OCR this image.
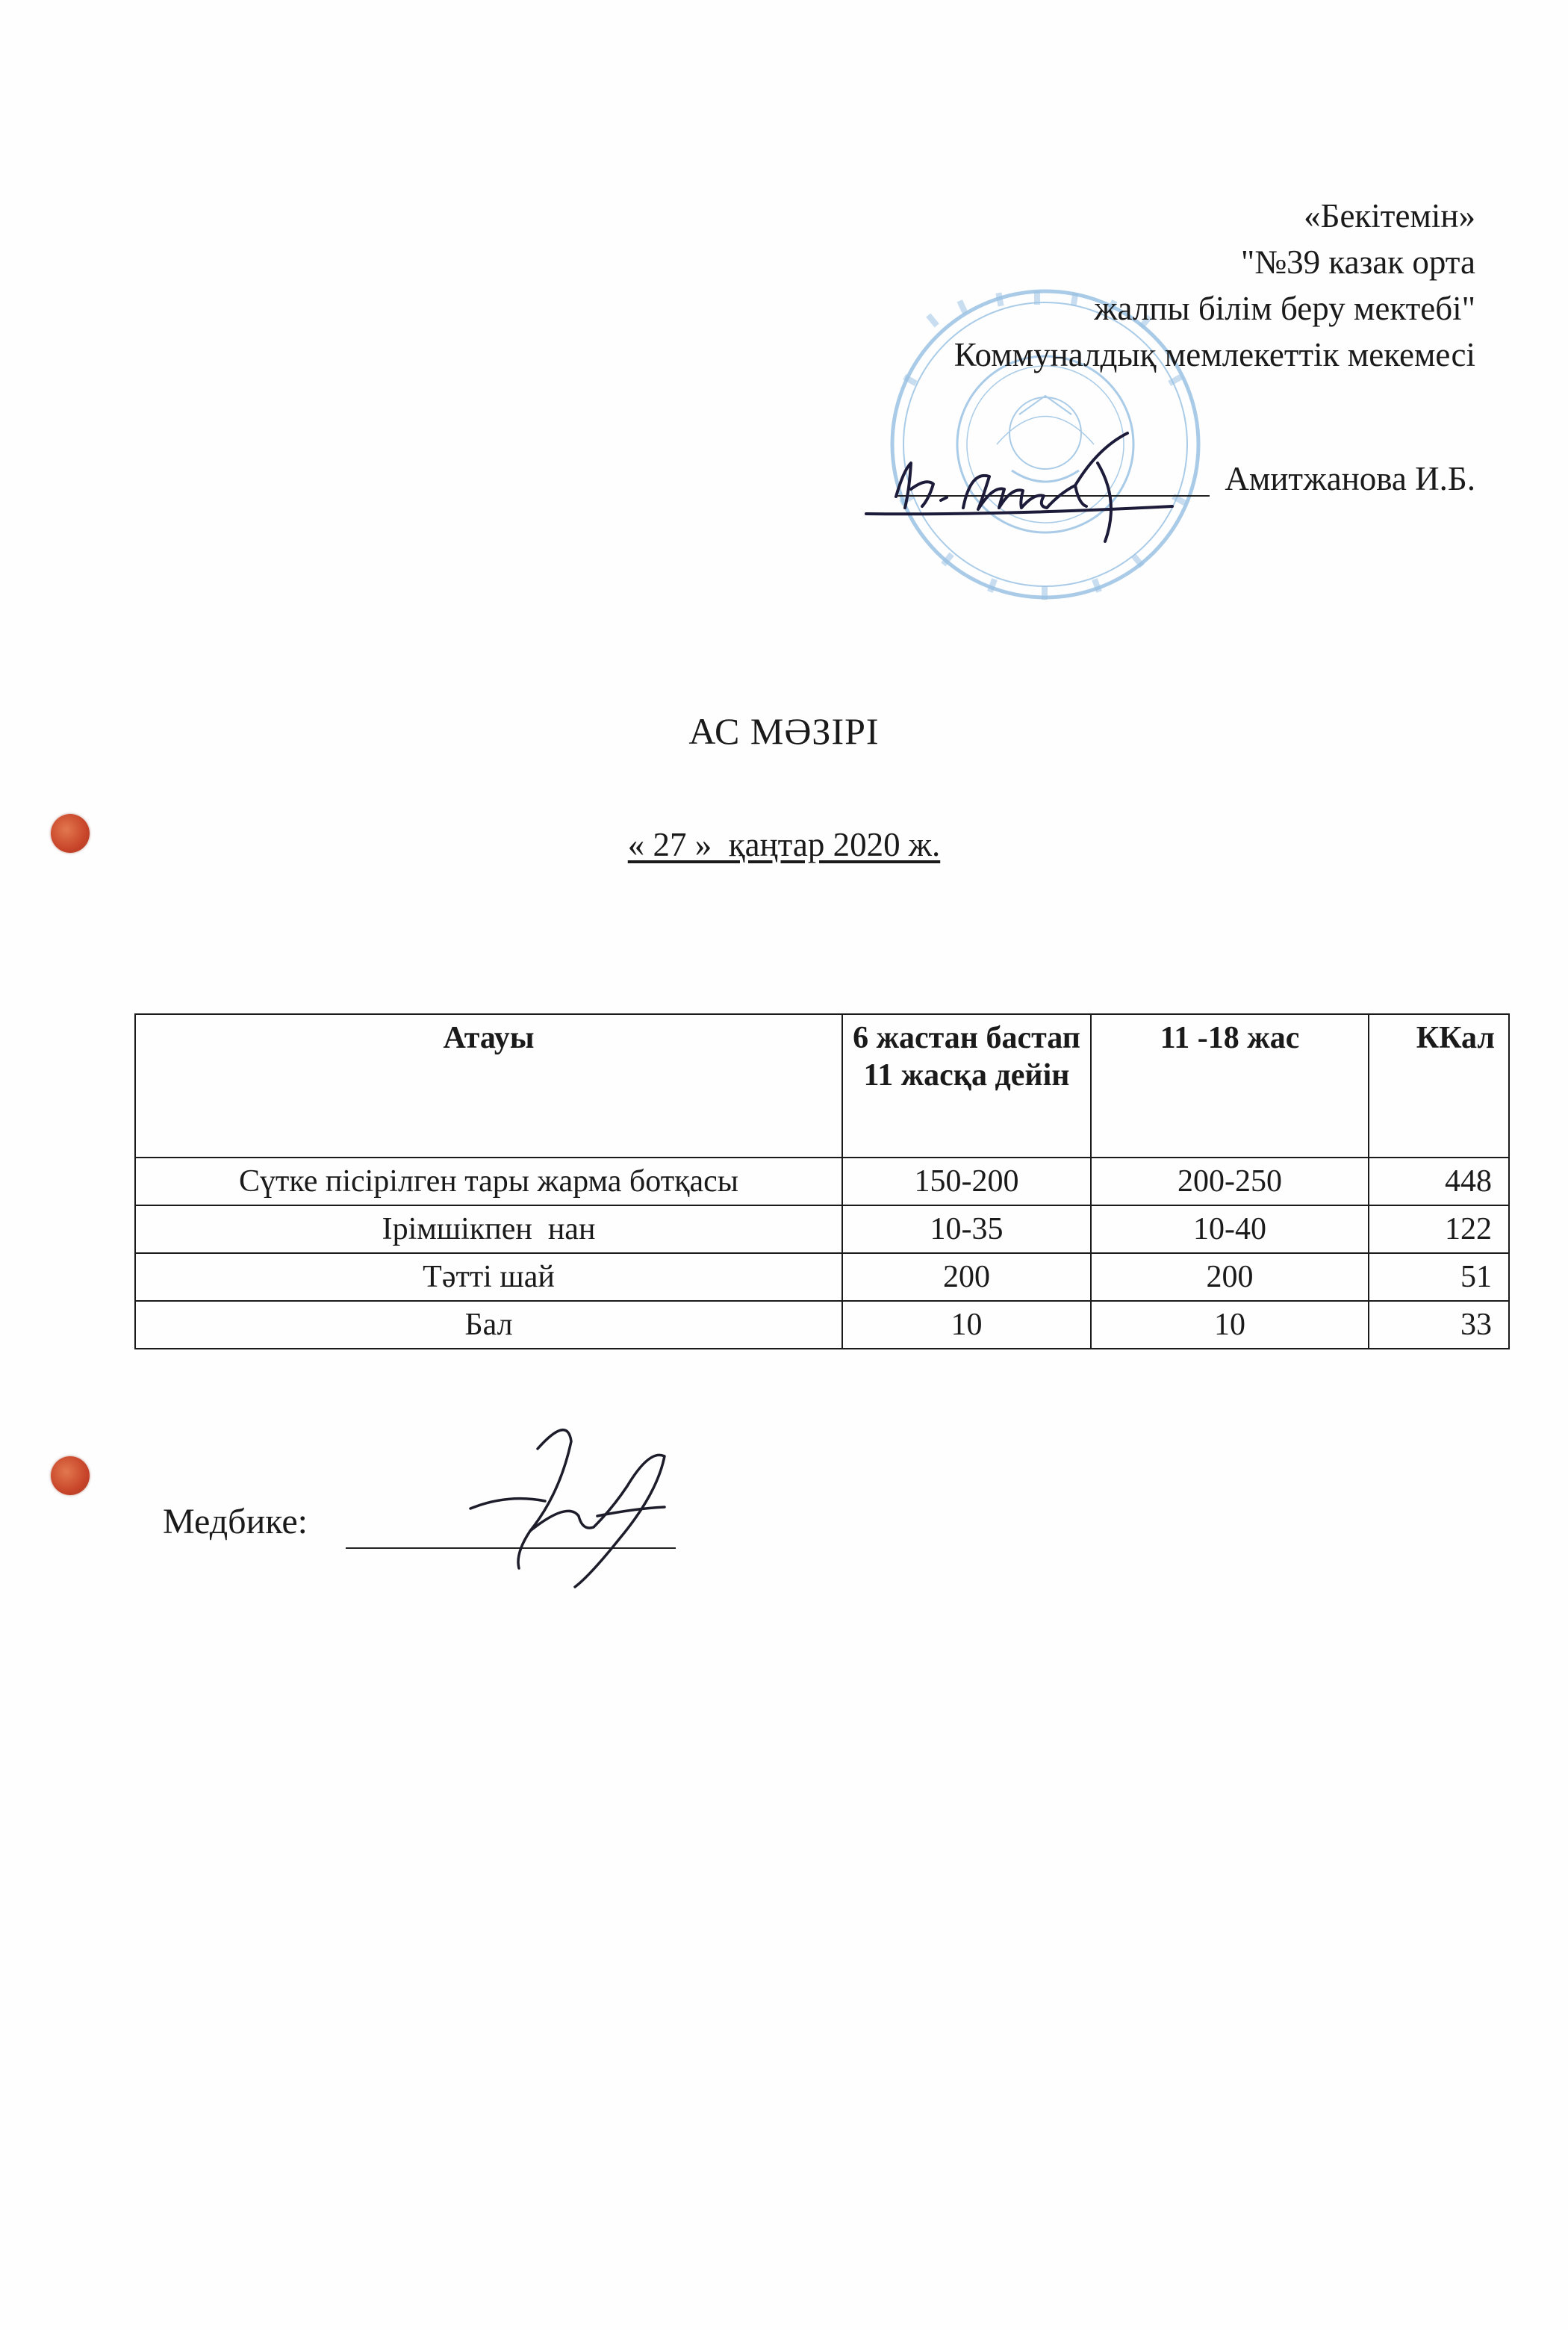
«Бекітемін»
"№39 казак орта
жалпы білім беру мектебі"
Коммуналдық мемлекеттік мекемесі
Амитжанова И.Б.
АС МӘЗІРІ
« 27 »  қаңтар 2020 ж.
Атауы	6 жастан бастап 11 жасқа дейін	11 -18 жас	ККал
Сүтке пісірілген тары жарма ботқасы	150-200	200-250	448
Ірімшікпен  нан	10-35	10-40	122
Тәтті шай	200	200	51
Бал	10	10	33
Медбике:
